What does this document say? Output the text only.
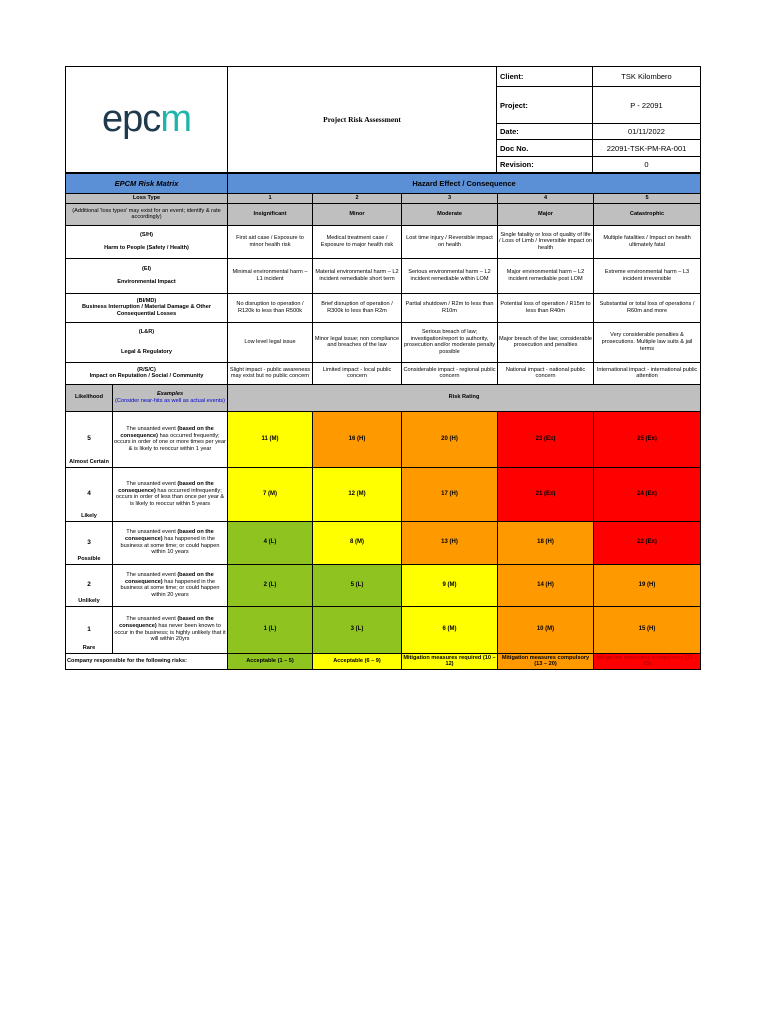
epcm	Project Risk Assessment	Client:	TSK Kilombero
		Project:	P - 22091
		Date:	01/11/2022
		Doc No.	22091-TSK-PM-RA-001
		Revision:	0
EPCM Risk Matrix		Hazard Effect / Consequence				
Loss Type		1	2	3	4	5
(Additional 'loss types' may exist for an event; identify & rate accordingly)		Insignificant	Minor	Moderate	Major	Catastrophic
(S/H)

Harm to People (Safety / Health)		First aid case / Exposure to minor health risk	Medical treatment case / Exposure to major health risk	Lost time injury / Reversible impact on health	Single fatality or loss of quality of life / Loss of Limb / Irreversible impact on health	Multiple fatalities / Impact on health ultimately fatal
(EI)

Environmental Impact		Minimal environmental harm – L1 incident	Material environmental harm – L2 incident remediable short term	Serious environmental harm – L2 incident remediable within LOM	Major environmental harm – L2 incident remediable post LOM	Extreme environmental harm – L3 incident irreversible
(BI/MD)
Business Interruption / Material Damage & Other Consequential Losses		No disruption to operation / R120k to less than R500k	Brief disruption of operation / R300k to less than R2m	Partial shutdown / R2m to less than R10m	Potential loss of operation / R15m to less than R40m	Substantial or total loss of operations / R60m and more
(L&R)

Legal & Regulatory		Low level legal issue	Minor legal issue; non compliance and breaches of the law	Serious breach of law; investigation/report to authority, prosecution and/or moderate penalty possible	Major breach of the law; considerable prosecution and penalties	Very considerable penalties & prosecutions. Multiple law suits & jail terms
(R/S/C)
Impact on Reputation / Social / Community		Slight impact - public awareness may exist but no public concern	Limited impact - local public concern	Considerable impact - regional public concern	National impact - national public concern	International impact - international public attention
Likelihood	Examples
(Consider near-hits as well as actual events)	Risk Rating				

5
Almost Certain	The unsanted event (based on the consequence) has occurred frequently; occurs in order of one or more times per year & is likely to reoccur within 1 year	11 (M)	16 (H)	20 (H)	23 (Ex)	25 (Ex)

4
Likely	The unsanted event (based on the consequence) has occurred infrequently; occurs in order of less than once per year & is likely to reoccur within 5 years	7 (M)	12 (M)	17 (H)	21 (Ex)	24 (Ex)

3
Possible	The unsanted event (based on the consequence) has happened in the business at some time; or could happen within 10 years	4 (L)	8 (M)	13 (H)	18 (H)	22 (Ex)

2
Unlikely	The unsanted event (based on the consequence) has happened in the business at some time; or could happen within 20 years	2 (L)	5 (L)	9 (M)	14 (H)	19 (H)

1
Rare	The unsanted event (based on the consequence) has never been known to occur in the business; is highly unlikely that it will within 20yrs	1 (L)	3 (L)	6 (M)	10 (M)	15 (H)
Company responsible for the following risks:		Acceptable (1 – 5)	Acceptable (6 – 9)	Mitigation measures required (10 – 12)	Mitigation measures compulsory (13 – 20)	Mitigation measures compulsory (21 – 25)
